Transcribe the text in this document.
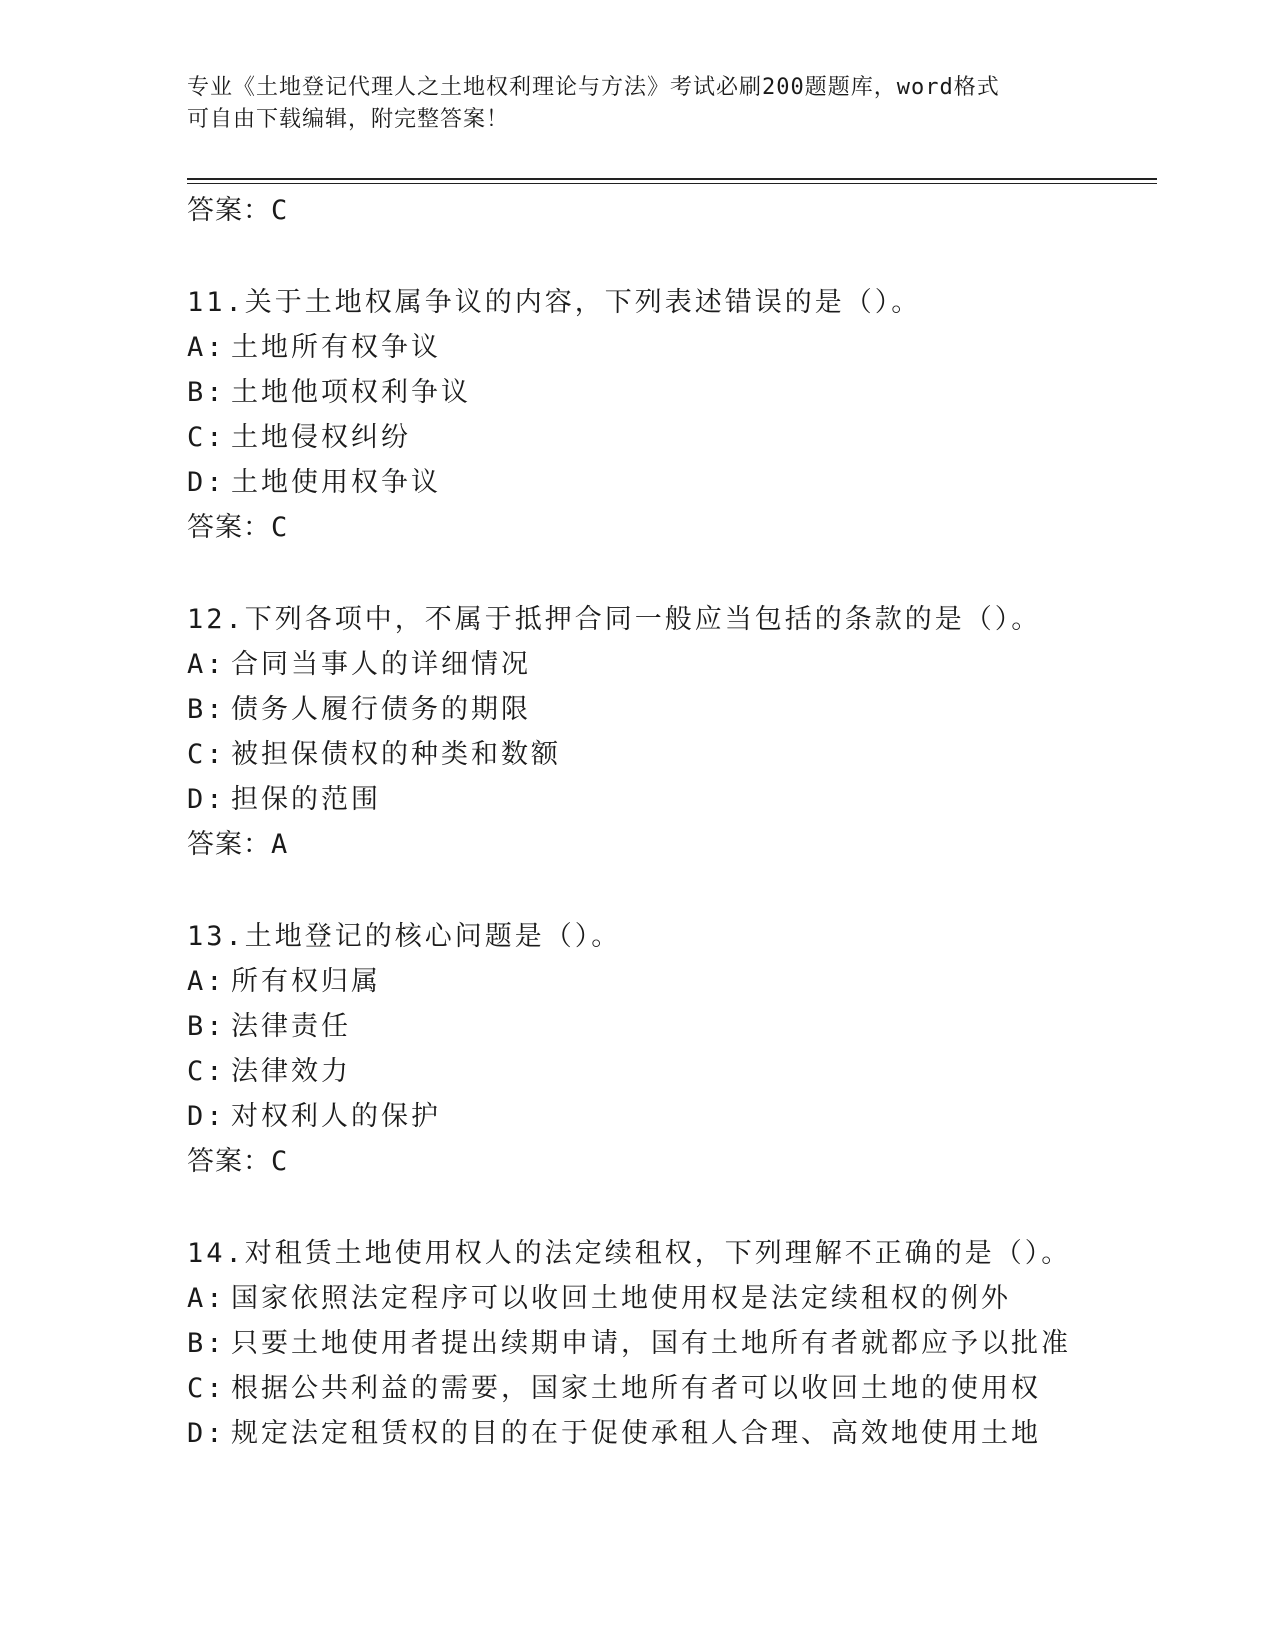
专业《土地登记代理人之土地权利理论与方法》考试必刷200题题库，word格式
可自由下载编辑，附完整答案！
答案：C
11.关于土地权属争议的内容，下列表述错误的是（）。
A: 土地所有权争议
B: 土地他项权利争议
C: 土地侵权纠纷
D: 土地使用权争议
答案：C
12.下列各项中，不属于抵押合同一般应当包括的条款的是（）。
A: 合同当事人的详细情况
B: 债务人履行债务的期限
C: 被担保债权的种类和数额
D: 担保的范围
答案：A
13.土地登记的核心问题是（）。
A: 所有权归属
B: 法律责任
C: 法律效力
D: 对权利人的保护
答案：C
14.对租赁土地使用权人的法定续租权，下列理解不正确的是（）。
A: 国家依照法定程序可以收回土地使用权是法定续租权的例外
B: 只要土地使用者提出续期申请，国有土地所有者就都应予以批准
C: 根据公共利益的需要，国家土地所有者可以收回土地的使用权
D: 规定法定租赁权的目的在于促使承租人合理、高效地使用土地
